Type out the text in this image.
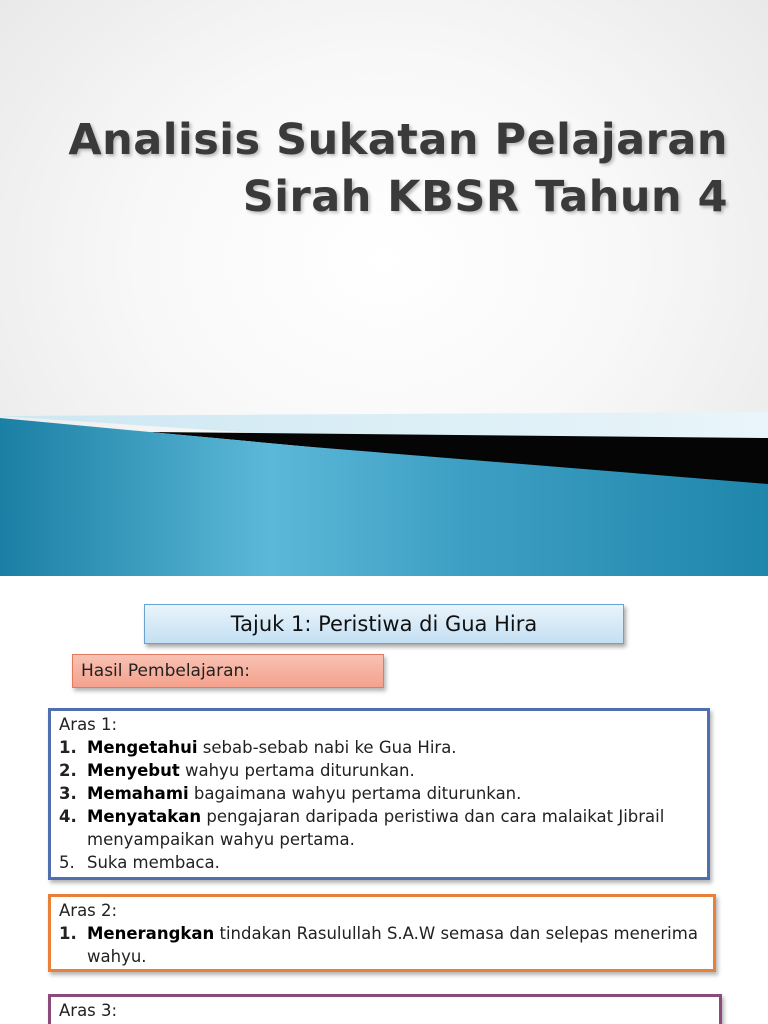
Analisis Sukatan Pelajaran
Sirah KBSR Tahun 4
Tajuk 1: Peristiwa di Gua Hira
Hasil Pembelajaran:
Aras 1:
1. Mengetahui sebab-sebab nabi ke Gua Hira.
2. Menyebut wahyu pertama diturunkan.
3. Memahami bagaimana wahyu pertama diturunkan.
4. Menyatakan pengajaran daripada peristiwa dan cara malaikat Jibrail menyampaikan wahyu pertama.
5. Suka membaca.
Aras 2:
1. Menerangkan tindakan Rasulullah S.A.W semasa dan selepas menerima wahyu.
Aras 3:
